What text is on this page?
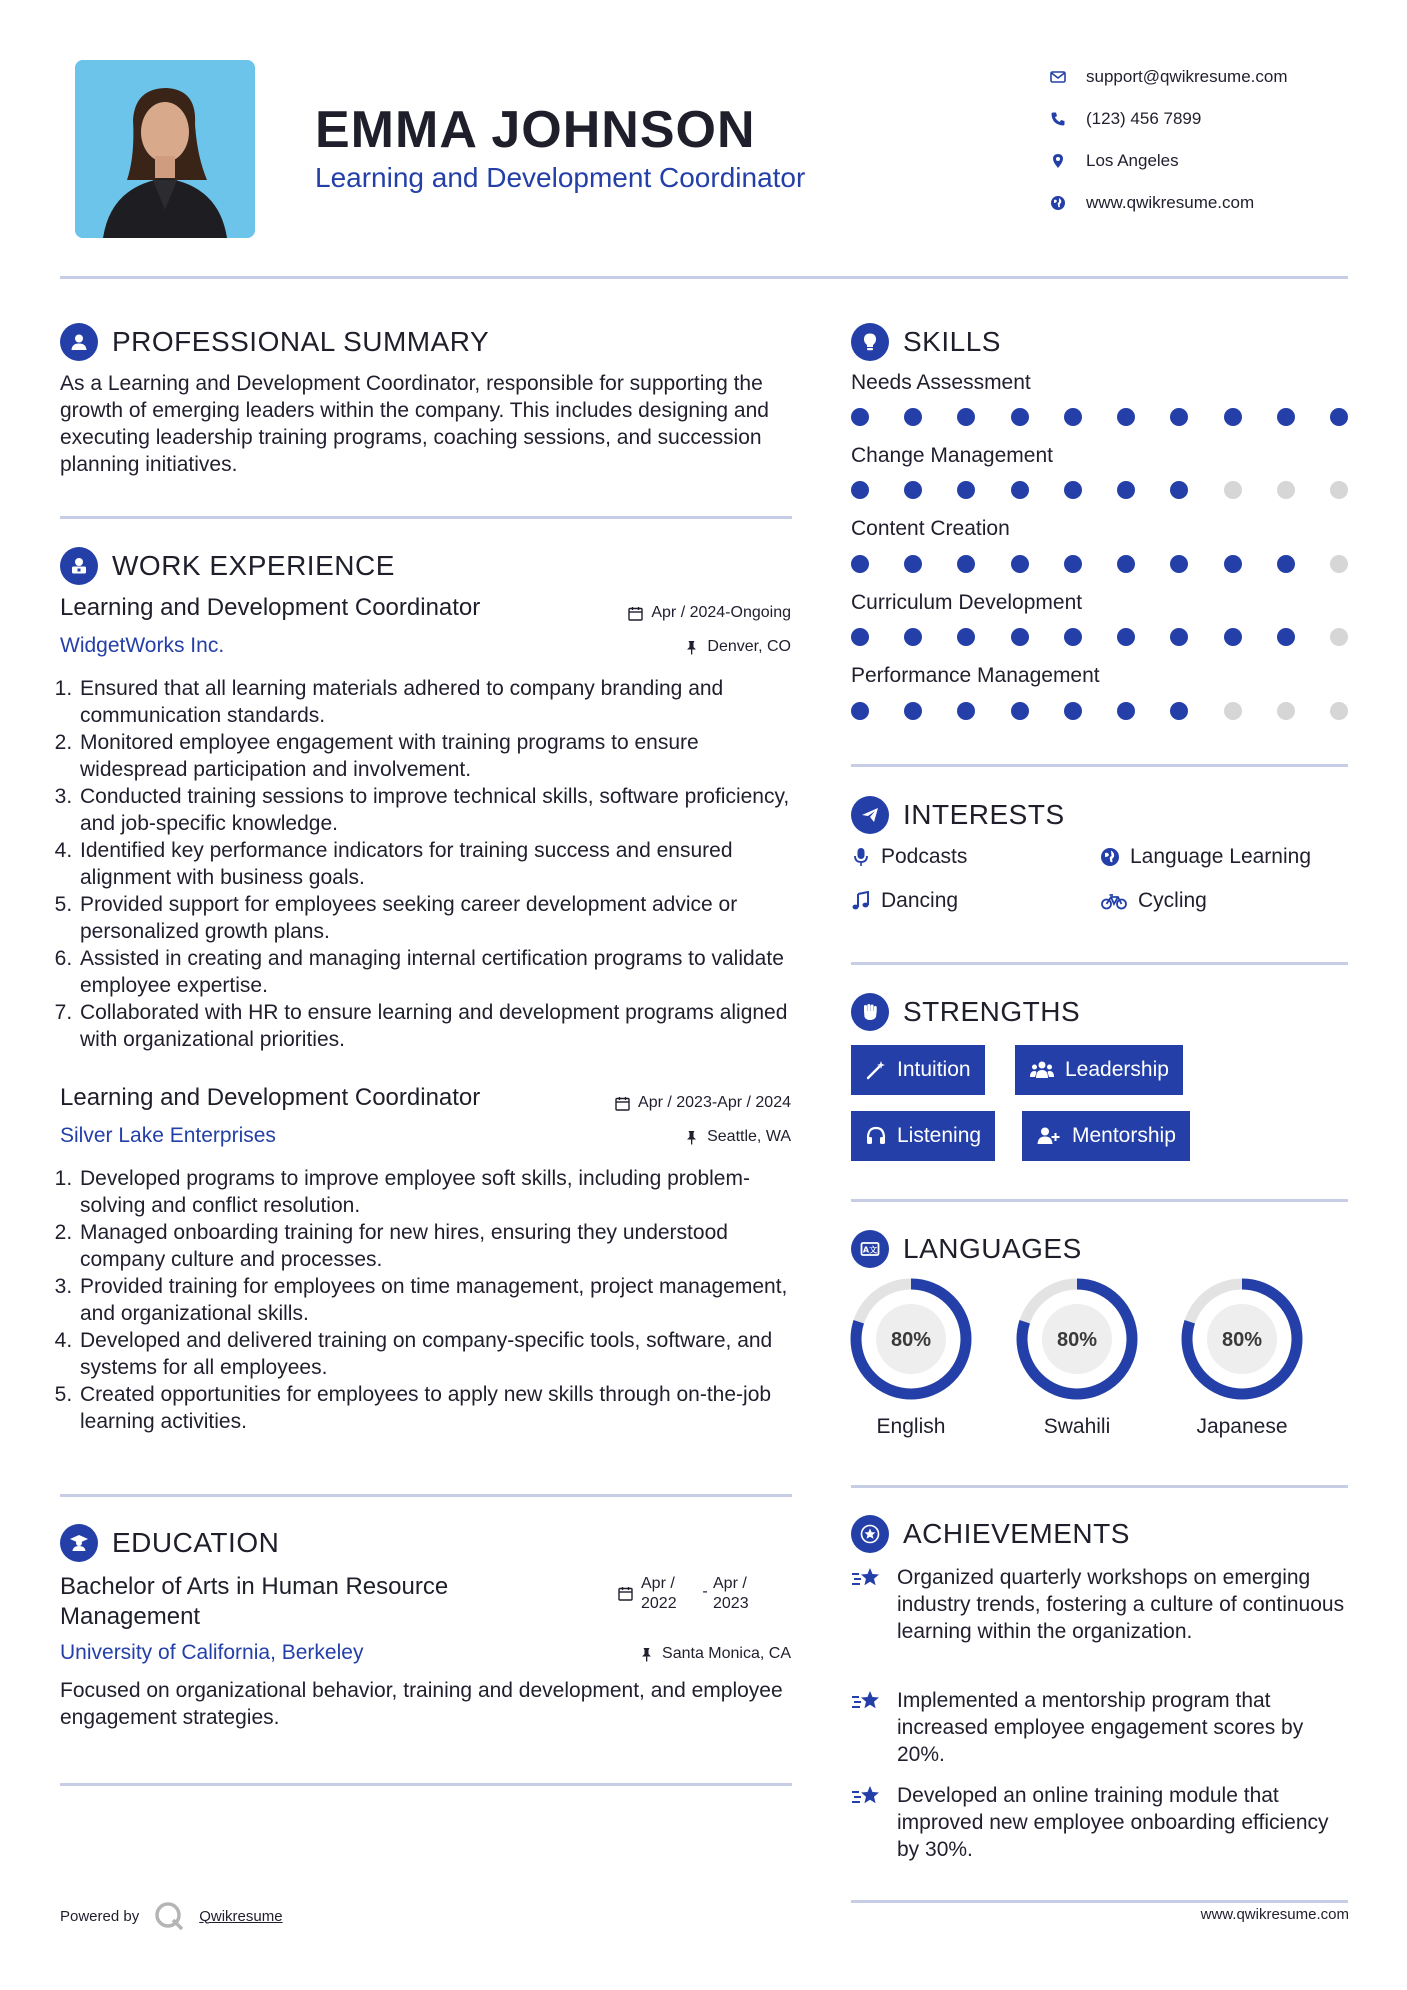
EMMA JOHNSON
Learning and Development Coordinator
support@qwikresume.com
(123) 456 7899
Los Angeles
www.qwikresume.com
PROFESSIONAL SUMMARY
As a Learning and Development Coordinator, responsible for supporting the growth of emerging leaders within the company. This includes designing and executing leadership training programs, coaching sessions, and succession planning initiatives.
WORK EXPERIENCE
Learning and Development Coordinator	Apr / 2024-Ongoing
WidgetWorks Inc.	Denver, CO
1. Ensured that all learning materials adhered to company branding and communication standards.
2. Monitored employee engagement with training programs to ensure widespread participation and involvement.
3. Conducted training sessions to improve technical skills, software proficiency, and job-specific knowledge.
4. Identified key performance indicators for training success and ensured alignment with business goals.
5. Provided support for employees seeking career development advice or personalized growth plans.
6. Assisted in creating and managing internal certification programs to validate employee expertise.
7. Collaborated with HR to ensure learning and development programs aligned with organizational priorities.
Learning and Development Coordinator	Apr / 2023-Apr / 2024
Silver Lake Enterprises	Seattle, WA
1. Developed programs to improve employee soft skills, including problem-solving and conflict resolution.
2. Managed onboarding training for new hires, ensuring they understood company culture and processes.
3. Provided training for employees on time management, project management, and organizational skills.
4. Developed and delivered training on company-specific tools, software, and systems for all employees.
5. Created opportunities for employees to apply new skills through on-the-job learning activities.
EDUCATION
Bachelor of Arts in Human Resource Management
Apr / 2022
- Apr / 2023
University of California, Berkeley	Santa Monica, CA
Focused on organizational behavior, training and development, and employee engagement strategies.
SKILLS
Needs Assessment
Change Management
Content Creation
Curriculum Development
Performance Management
INTERESTS
Podcasts	Language Learning
Dancing	Cycling
STRENGTHS
Intuition	Leadership
Listening	Mentorship
A文 LANGUAGES
80%
English
80%
Swahili
80%
Japanese
ACHIEVEMENTS
Organized quarterly workshops on emerging industry trends, fostering a culture of continuous learning within the organization.
Implemented a mentorship program that increased employee engagement scores by 20%.
Developed an online training module that improved new employee onboarding efficiency by 30%.
Powered by	Qwikresume	www.qwikresume.com
